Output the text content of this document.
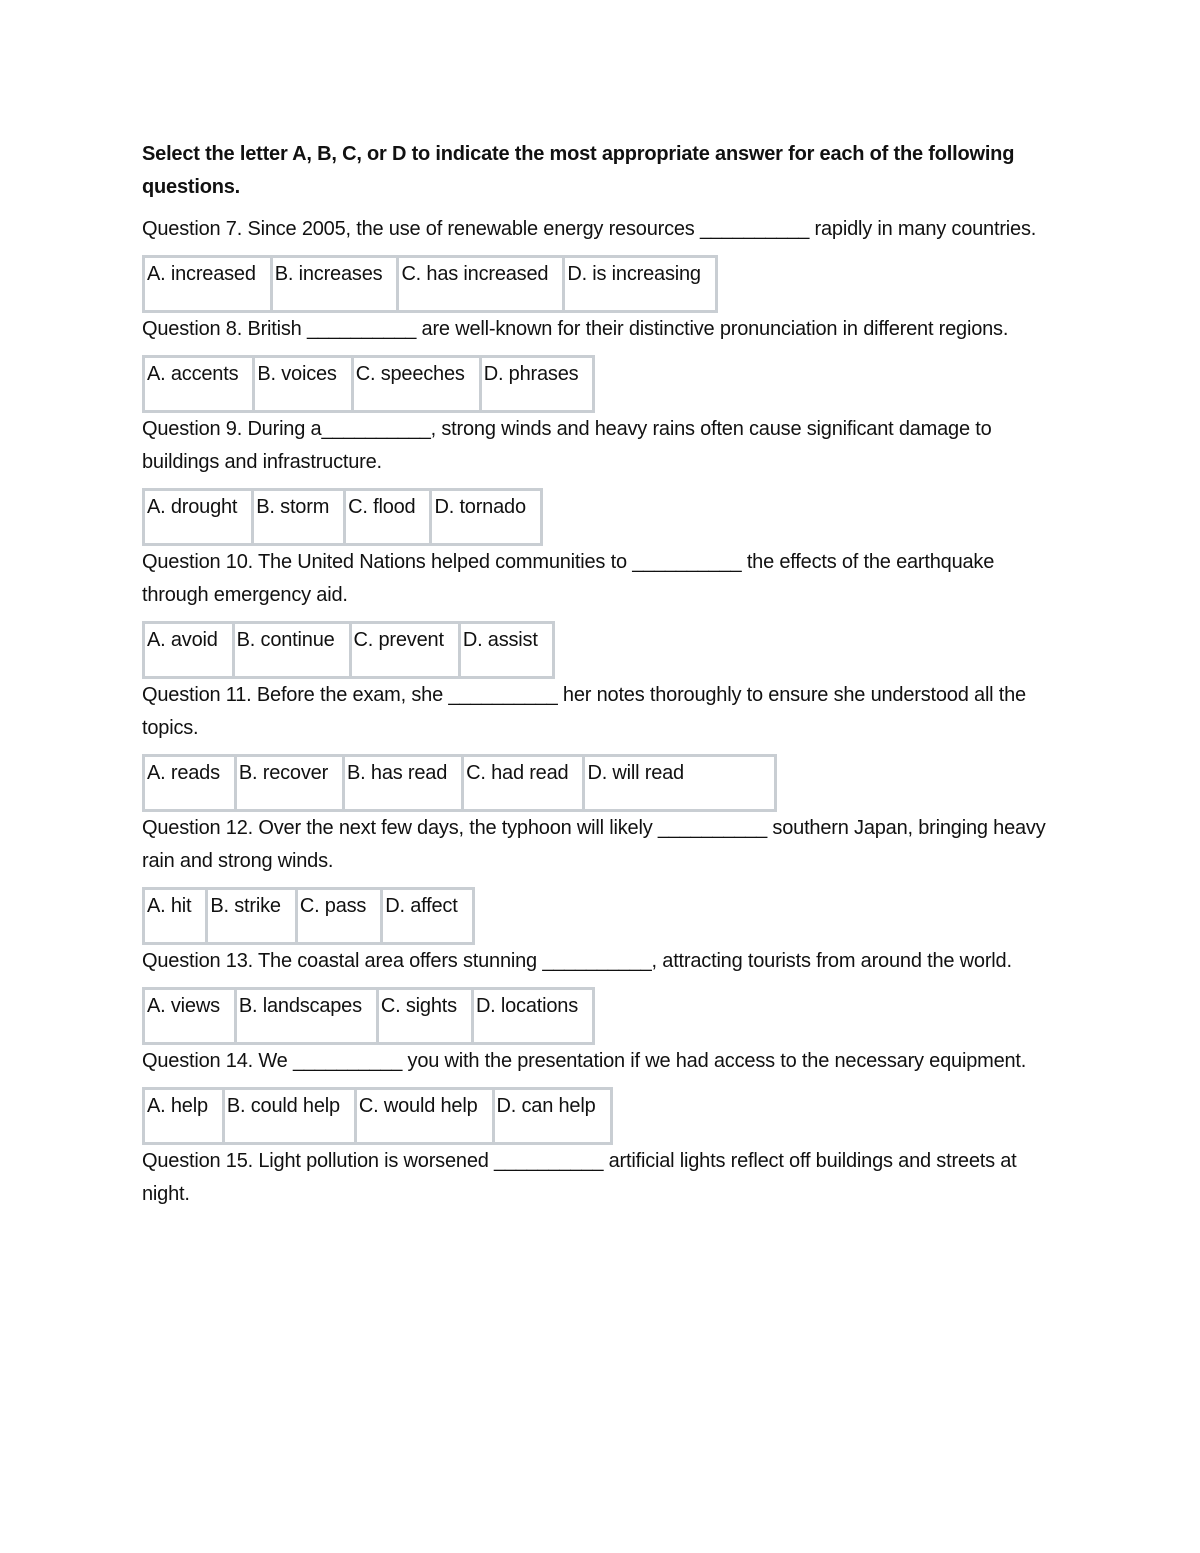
Select the letter A, B, C, or D to indicate the most appropriate answer for each of the following questions.

Question 7. Since 2005, the use of renewable energy resources __________ rapidly in many countries.

A. increased	B. increases	C. has increased	D. is increasing

Question 8. British __________ are well-known for their distinctive pronunciation in different regions.

A. accents	B. voices	C. speeches	D. phrases

Question 9. During a__________, strong winds and heavy rains often cause significant damage to buildings and infrastructure.

A. drought	B. storm	C. flood	D. tornado

Question 10. The United Nations helped communities to __________ the effects of the earthquake through emergency aid.

A. avoid	B. continue	C. prevent	D. assist

Question 11. Before the exam, she __________ her notes thoroughly to ensure she understood all the topics.

A. reads	B. recover	B. has read	C. had read	D. will read

Question 12. Over the next few days, the typhoon will likely __________ southern Japan, bringing heavy rain and strong winds.

A. hit	B. strike	C. pass	D. affect

Question 13. The coastal area offers stunning __________, attracting tourists from around the world.

A. views	B. landscapes	C. sights	D. locations

Question 14. We __________ you with the presentation if we had access to the necessary equipment.

A. help	B. could help	C. would help	D. can help

Question 15. Light pollution is worsened __________ artificial lights reflect off buildings and streets at night.
